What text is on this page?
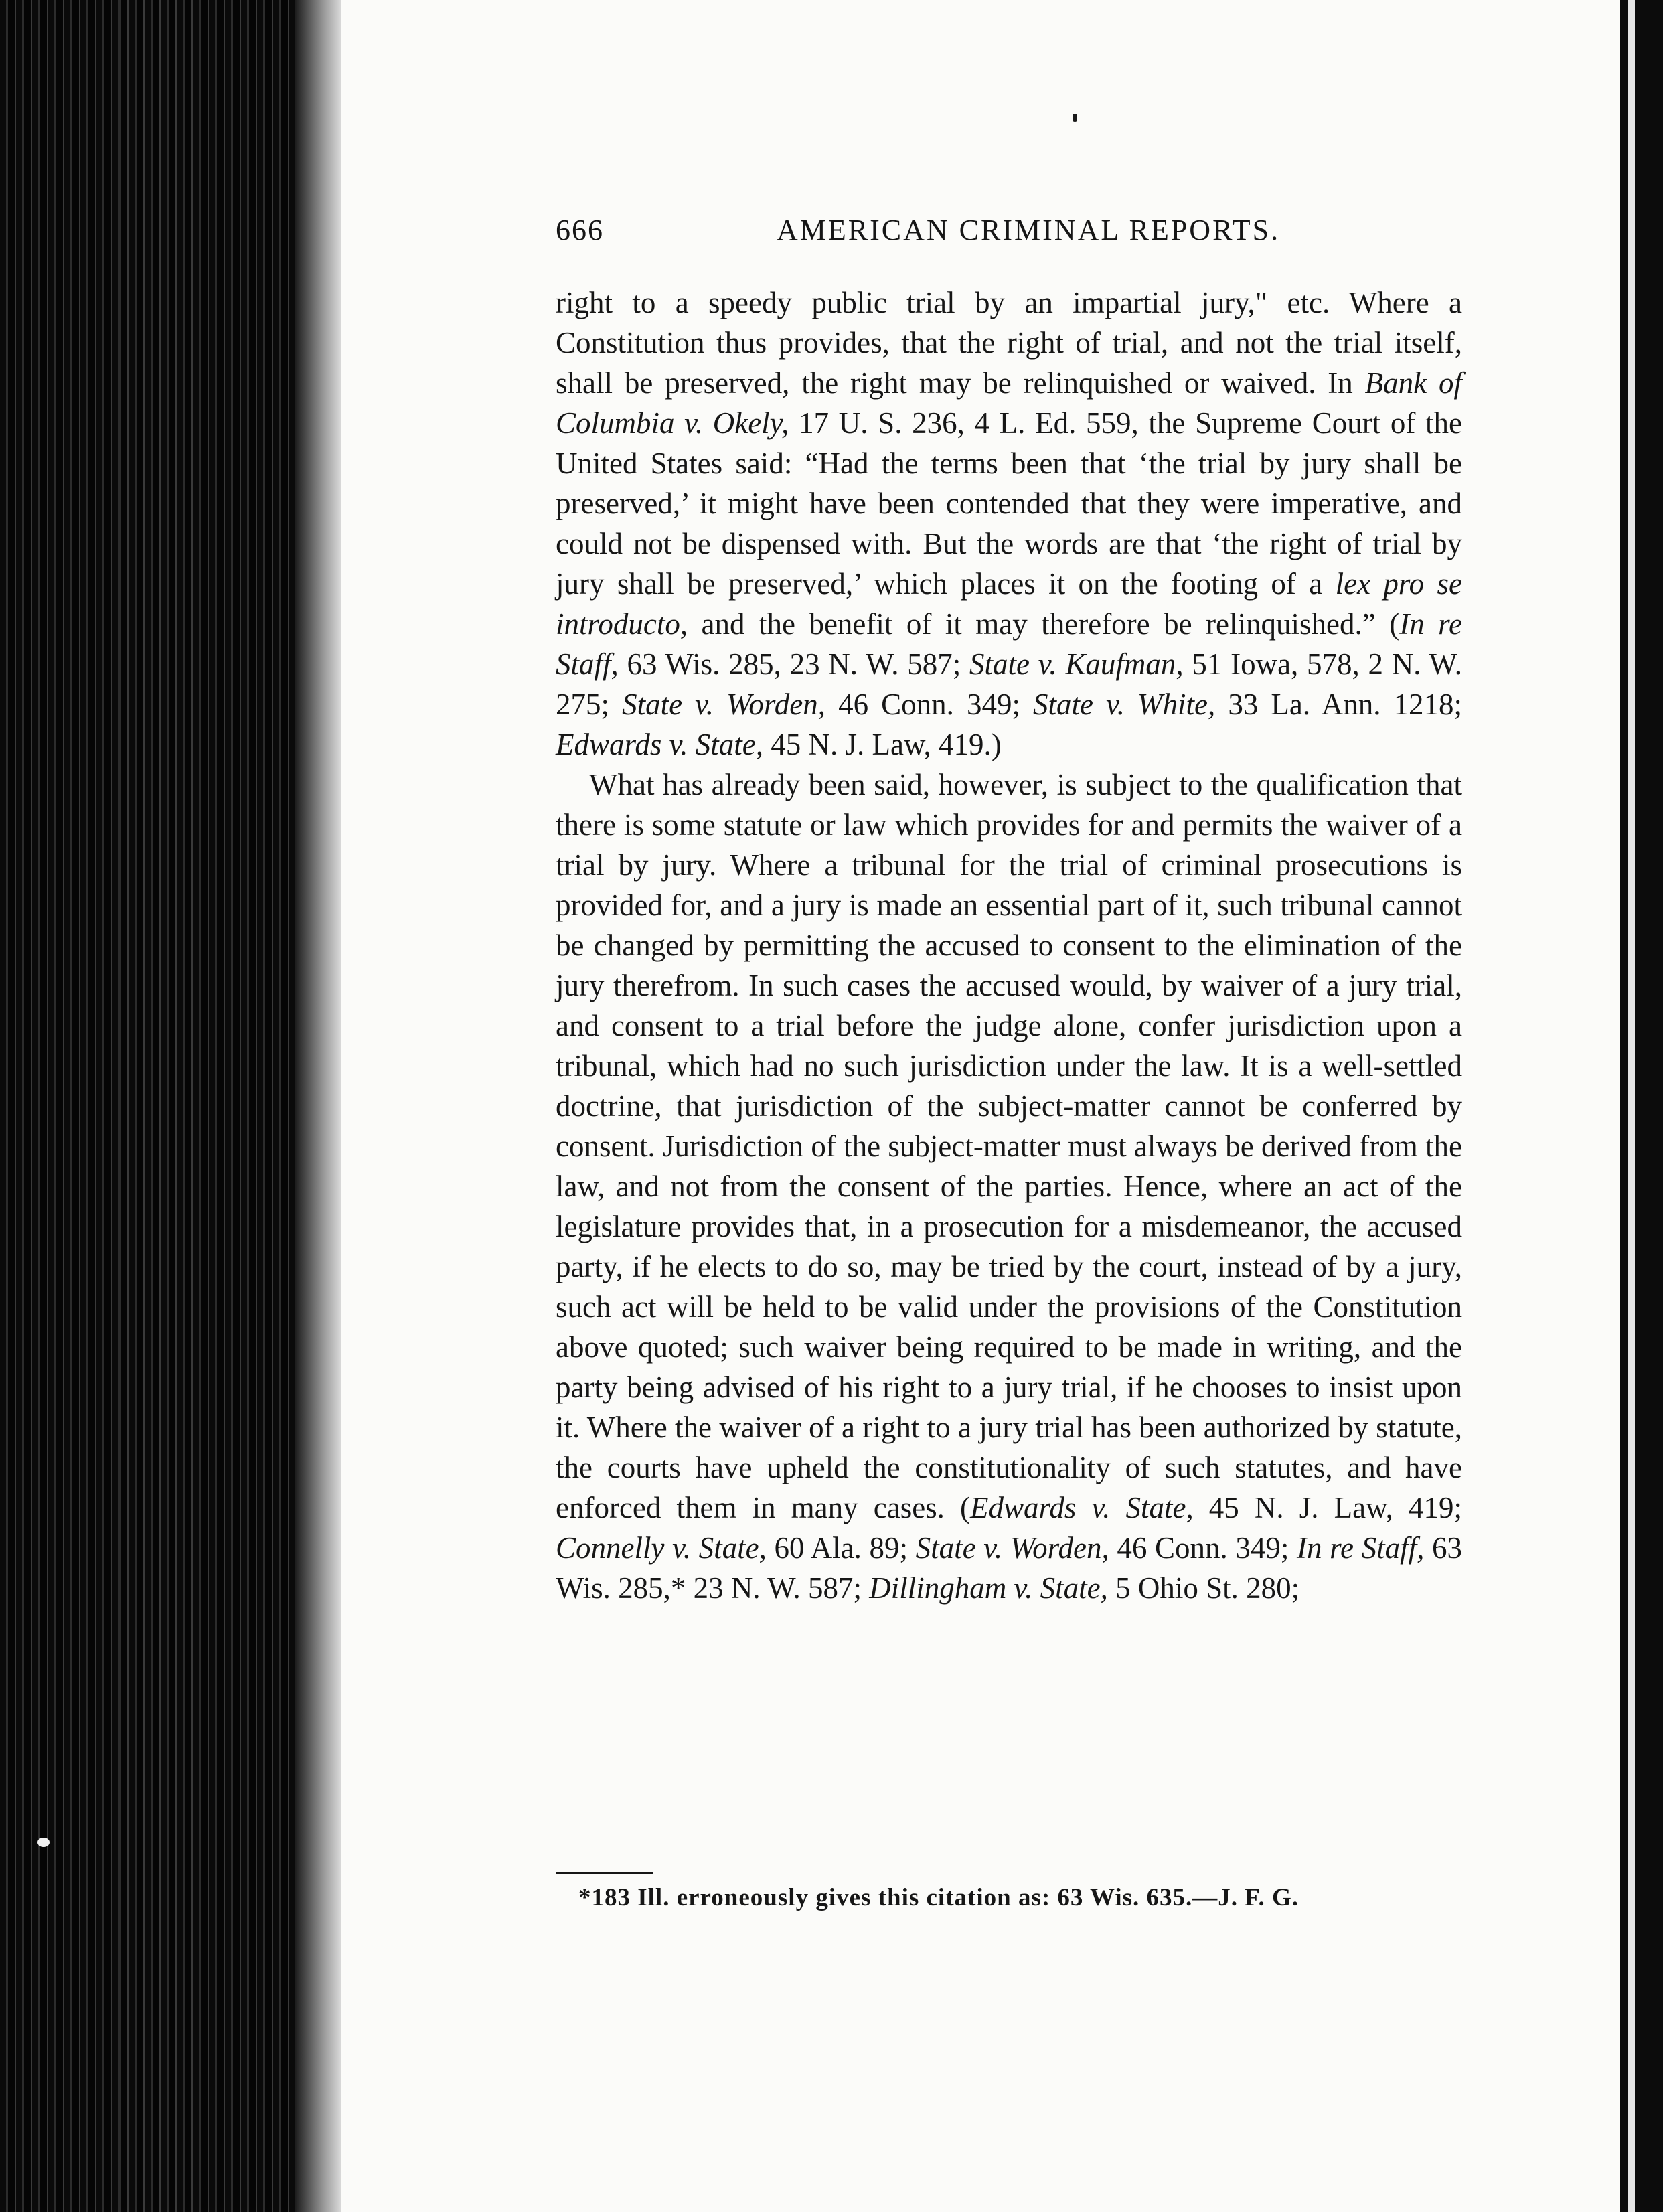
666	AMERICAN CRIMINAL REPORTS.

right to a speedy public trial by an impartial jury," etc. Where a Constitution thus provides, that the right of trial, and not the trial itself, shall be preserved, the right may be relinquished or waived. In Bank of Columbia v. Okely, 17 U. S. 236, 4 L. Ed. 559, the Supreme Court of the United States said: “Had the terms been that ‘the trial by jury shall be preserved,’ it might have been contended that they were imperative, and could not be dispensed with. But the words are that ‘the right of trial by jury shall be preserved,’ which places it on the footing of a lex pro se introducto, and the benefit of it may therefore be relinquished.” (In re Staff, 63 Wis. 285, 23 N. W. 587; State v. Kaufman, 51 Iowa, 578, 2 N. W. 275; State v. Worden, 46 Conn. 349; State v. White, 33 La. Ann. 1218; Edwards v. State, 45 N. J. Law, 419.)

What has already been said, however, is subject to the qualification that there is some statute or law which provides for and permits the waiver of a trial by jury. Where a tribunal for the trial of criminal prosecutions is provided for, and a jury is made an essential part of it, such tribunal cannot be changed by permitting the accused to consent to the elimination of the jury therefrom. In such cases the accused would, by waiver of a jury trial, and consent to a trial before the judge alone, confer jurisdiction upon a tribunal, which had no such jurisdiction under the law. It is a well-settled doctrine, that jurisdiction of the subject-matter cannot be conferred by consent. Jurisdiction of the subject-matter must always be derived from the law, and not from the consent of the parties. Hence, where an act of the legislature provides that, in a prosecution for a misdemeanor, the accused party, if he elects to do so, may be tried by the court, instead of by a jury, such act will be held to be valid under the provisions of the Constitution above quoted; such waiver being required to be made in writing, and the party being advised of his right to a jury trial, if he chooses to insist upon it. Where the waiver of a right to a jury trial has been authorized by statute, the courts have upheld the constitutionality of such statutes, and have enforced them in many cases. (Edwards v. State, 45 N. J. Law, 419; Connelly v. State, 60 Ala. 89; State v. Worden, 46 Conn. 349; In re Staff, 63 Wis. 285,* 23 N. W. 587; Dillingham v. State, 5 Ohio St. 280;

*183 Ill. erroneously gives this citation as: 63 Wis. 635.—J. F. G.
